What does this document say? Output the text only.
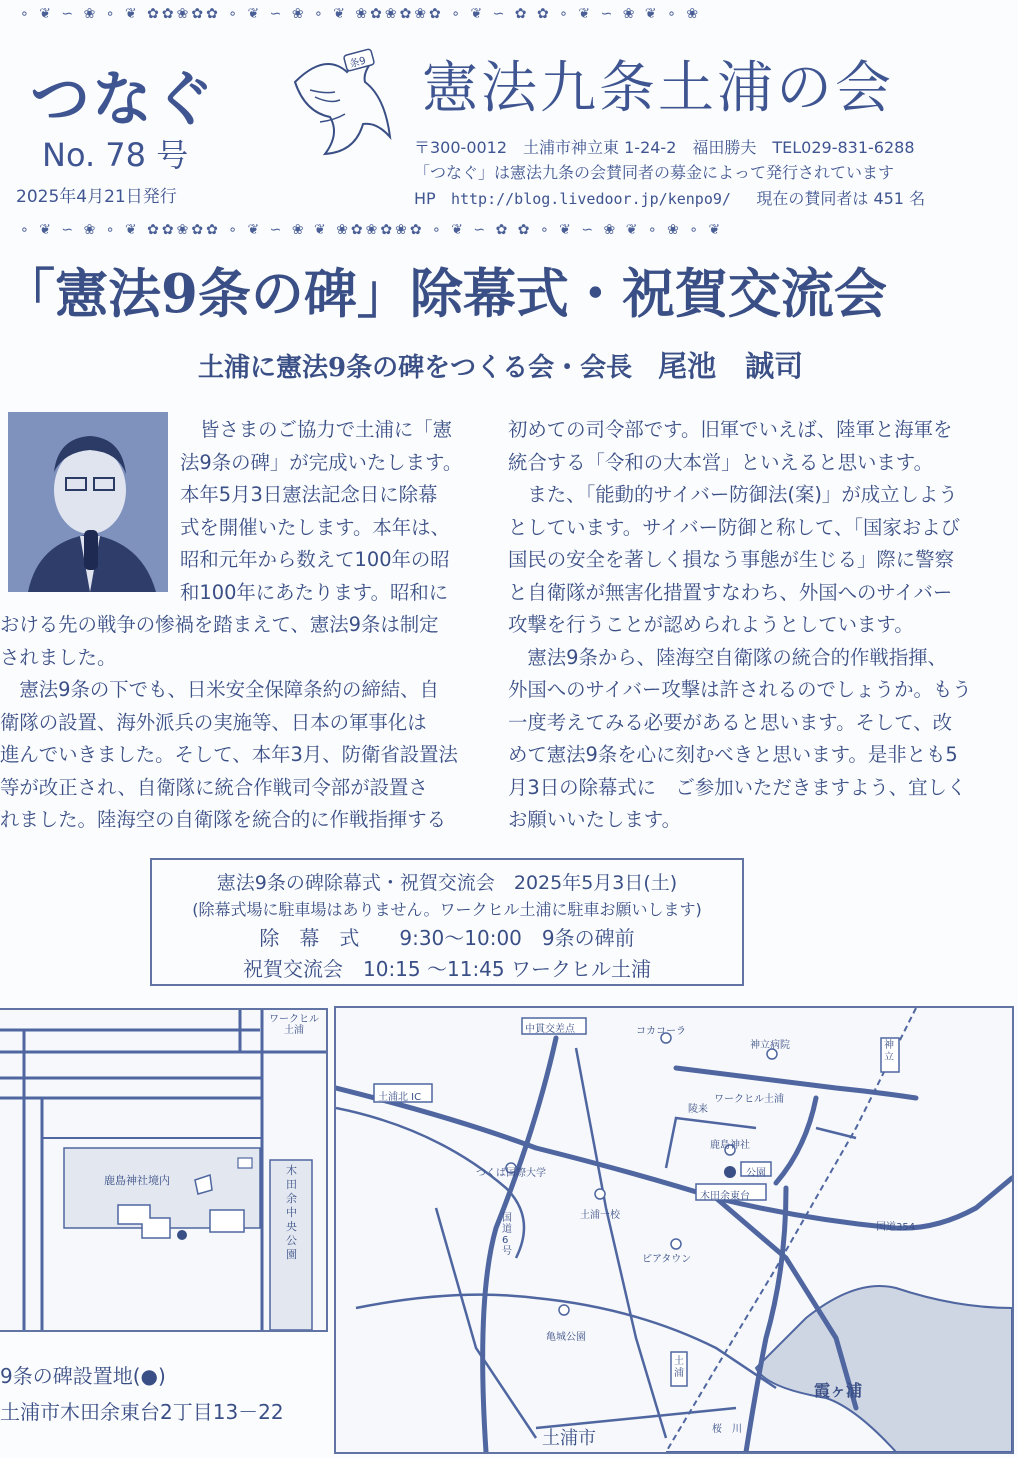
∘ ❦ ∽ ❀ ∘ ❦ ✿✿❀✿✿ ∘ ❦ ∽ ❀ ∘ ❦ ❀✿❀✿❀✿ ∘ ❦ ∽ ✿ ✿ ∘ ❦ ∽ ❀ ❦ ∘ ❀
つなぐ
No. 78 号
2025年4月21日発行
条9 憲法九条土浦の会
〒300-0012　土浦市神立東 1-24-2　福田勝夫　TEL029-831-6288
「つなぐ」は憲法九条の会賛同者の募金によって発行されています
HP http://blog.livedoor.jp/kenpo9/ 現在の賛同者は 451 名
∘ ❦ ∽ ❀ ∘ ❦ ✿✿❀✿✿ ∘ ❦ ∽ ❀ ❦ ❀✿❀✿❀✿ ∘ ❦ ∽ ✿ ✿ ∘ ❦ ∽ ❀ ❦ ∘ ❀ ∘ ❦
「憲法9条の碑」除幕式・祝賀交流会
土浦に憲法9条の碑をつくる会・会長　 尾池　誠司

皆さまのご協力で土浦に「憲

法9条の碑」が完成いたします。

本年5月3日憲法記念日に除幕

式を開催いたします。本年は、

昭和元年から数えて100年の昭

和100年にあたります。昭和に

おける先の戦争の惨禍を踏まえて、憲法9条は制定

されました。

　憲法9条の下でも、日米安全保障条約の締結、自

衛隊の設置、海外派兵の実施等、日本の軍事化は

進んでいきました。そして、本年3月、防衛省設置法

等が改正され、自衛隊に統合作戦司令部が設置さ

れました。陸海空の自衛隊を統合的に作戦指揮する

初めての司令部です。旧軍でいえば、陸軍と海軍を

統合する「令和の大本営」といえると思います。

　また、「能動的サイバー防御法(案)」が成立しよう

としています。サイバー防御と称して、「国家および

国民の安全を著しく損なう事態が生じる」際に警察

と自衛隊が無害化措置すなわち、外国へのサイバー

攻撃を行うことが認められようとしています。

　憲法9条から、陸海空自衛隊の統合的作戦指揮、

外国へのサイバー攻撃は許されるのでしょうか。もう

一度考えてみる必要があると思います。そして、改

めて憲法9条を心に刻むべきと思います。是非とも5

月3日の除幕式に　ご参加いただきますよう、宜しく

お願いいたします。

憲法9条の碑除幕式・祝賀交流会　2025年5月3日(土)
(除幕式場に駐車場はありません。ワークヒル土浦に駐車お願いします)
除　幕　式　　9:30～10:00　9条の碑前
祝賀交流会　10:15 ～11:45 ワークヒル土浦
ワークヒル土浦
鹿島神社境内
木田余中央公園
中貫交差点	コカコーラ
神立病院	神立
土浦北 IC	ワークヒル土浦
陵来
鹿島神社
公園
つくば国際大学
木田余東台
国道6号
土浦一校
国道354
ピアタウン
亀城公園
土浦
霞ヶ浦
桜　川
土浦市
9条の碑設置地(●)
土浦市木田余東台2丁目13－22
